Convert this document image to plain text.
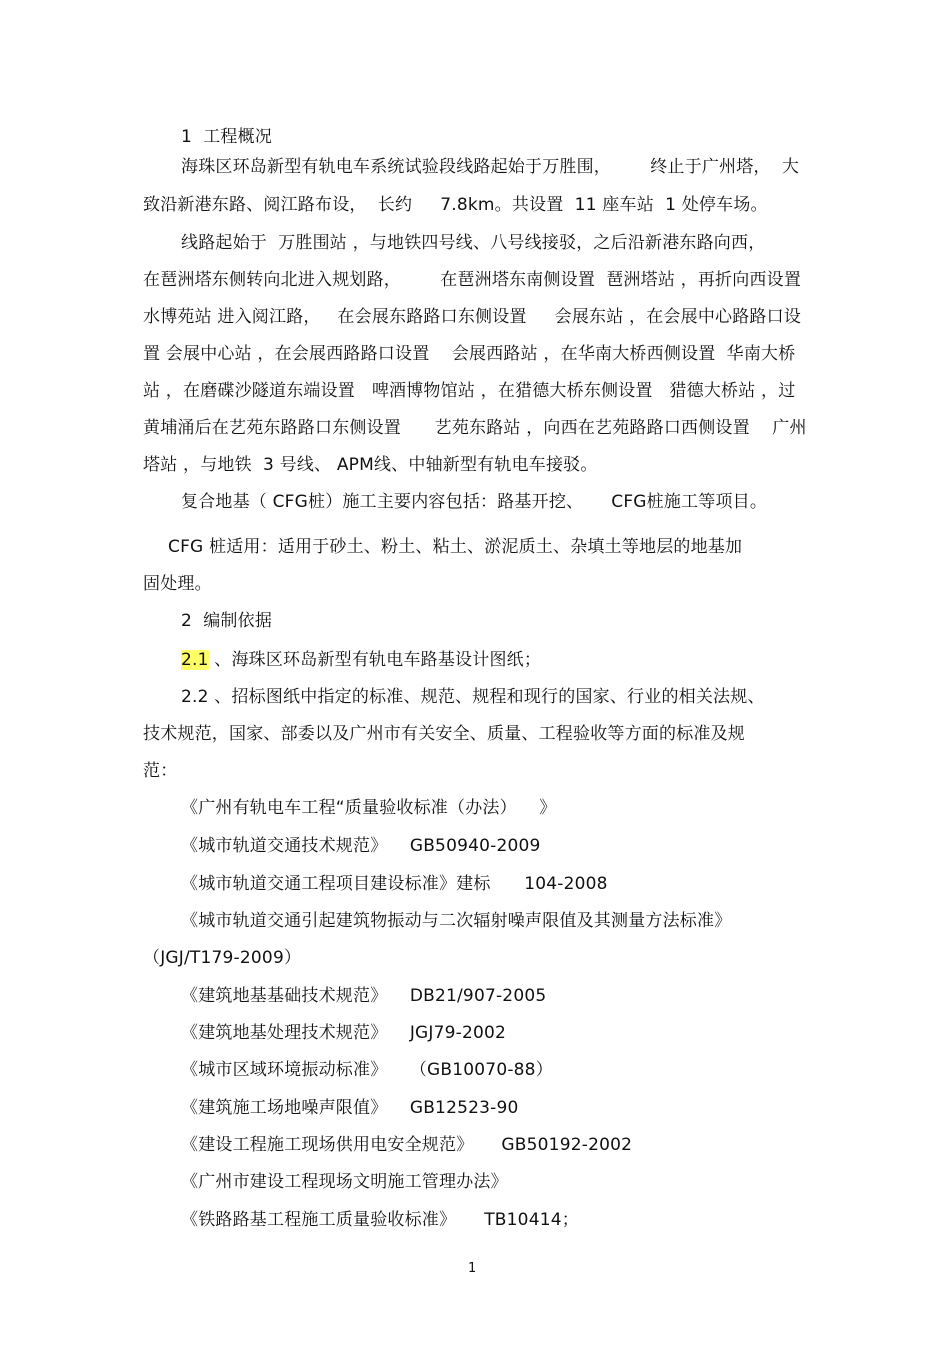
1  工程概况
海珠区环岛新型有轨电车系统试验段线路起始于万胜围，       终止于广州塔，  大
致沿新港东路、阅江路布设，  长约     7.8km。共设置  11 座车站  1 处停车场。
线路起始于  万胜围站 ，与地铁四号线、八号线接驳，之后沿新港东路向西，
在琶洲塔东侧转向北进入规划路，       在琶洲塔东南侧设置  琶洲塔站 ，再折向西设置
水博苑站 进入阅江路，   在会展东路路口东侧设置     会展东站 ，在会展中心路路口设
置 会展中心站 ，在会展西路路口设置    会展西路站 ，在华南大桥西侧设置  华南大桥
站 ，在磨碟沙隧道东端设置   啤酒博物馆站 ，在猎德大桥东侧设置   猎德大桥站 ，过
黄埔涌后在艺苑东路路口东侧设置      艺苑东路站 ，向西在艺苑路路口西侧设置    广州
塔站 ，与地铁  3 号线、 APM线、中轴新型有轨电车接驳。
复合地基（ CFG桩）施工主要内容包括：路基开挖、     CFG桩施工等项目。
CFG 桩适用：适用于砂土、粉土、粘土、淤泥质土、杂填土等地层的地基加
固处理。
2  编制依据
2.1 、海珠区环岛新型有轨电车路基设计图纸；
2.2 、招标图纸中指定的标准、规范、规程和现行的国家、行业的相关法规、
技术规范，国家、部委以及广州市有关安全、质量、工程验收等方面的标准及规
范：
《广州有轨电车工程“质量验收标准（办法）    》
《城市轨道交通技术规范》    GB50940-2009
《城市轨道交通工程项目建设标准》建标      104-2008
《城市轨道交通引起建筑物振动与二次辐射噪声限值及其测量方法标准》
（JGJ/T179-2009）
《建筑地基基础技术规范》    DB21/907-2005
《建筑地基处理技术规范》    JGJ79-2002
《城市区域环境振动标准》    （GB10070-88）
《建筑施工场地噪声限值》    GB12523-90
《建设工程施工现场供用电安全规范》     GB50192-2002
《广州市建设工程现场文明施工管理办法》
《铁路路基工程施工质量验收标准》     TB10414；
1
